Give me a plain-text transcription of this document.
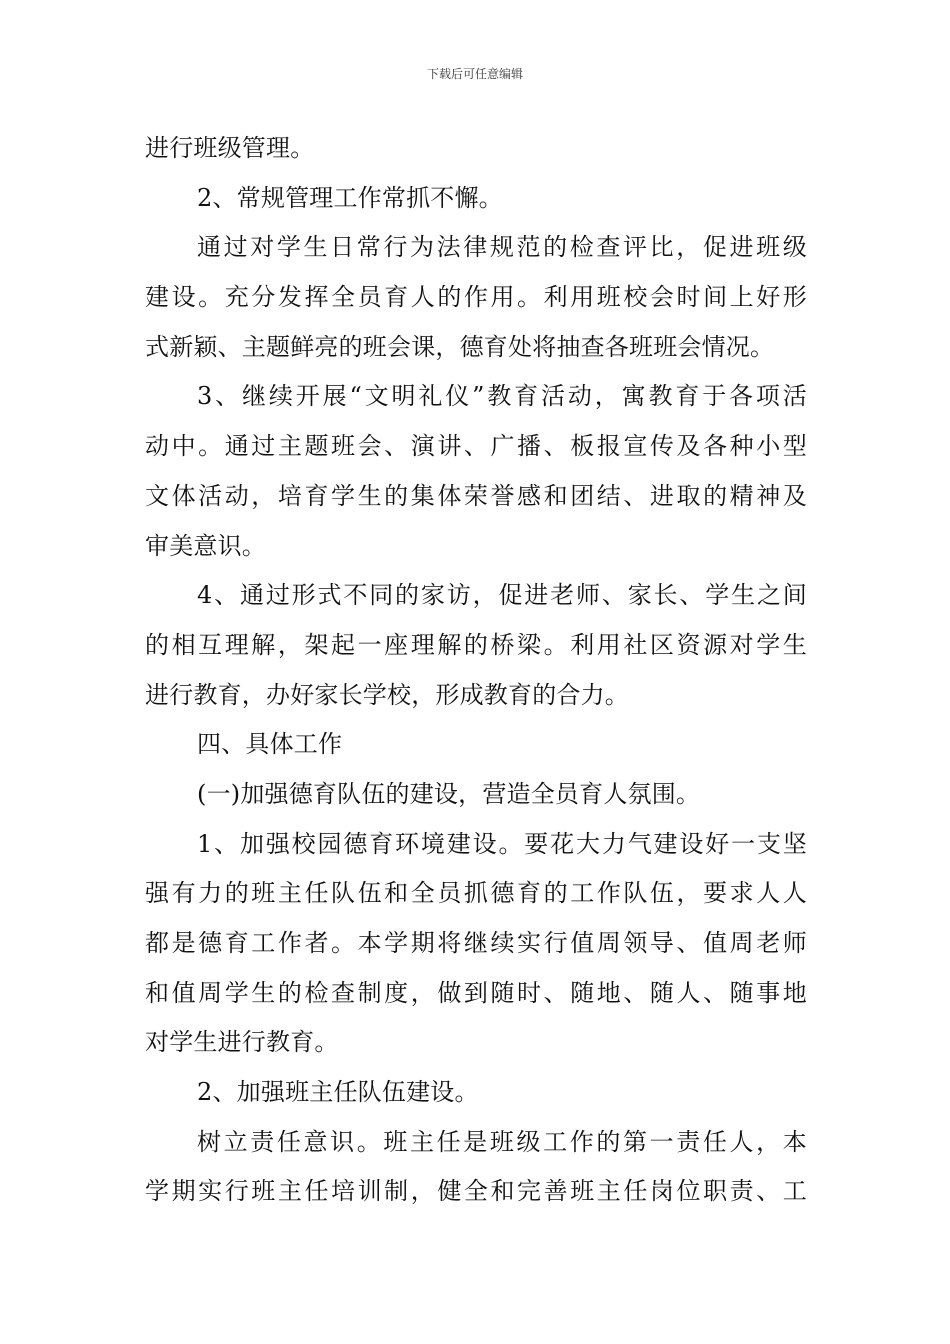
下载后可任意编辑
进行班级管理。
2、常规管理工作常抓不懈。
通过对学生日常行为法律规范的检查评比，促进班级
建设。充分发挥全员育人的作用。利用班校会时间上好形
式新颖、主题鲜亮的班会课，德育处将抽查各班班会情况。
3、继续开展“文明礼仪”教育活动，寓教育于各项活
动中。通过主题班会、演讲、广播、板报宣传及各种小型
文体活动，培育学生的集体荣誉感和团结、进取的精神及
审美意识。
4、通过形式不同的家访，促进老师、家长、学生之间
的相互理解，架起一座理解的桥梁。利用社区资源对学生
进行教育，办好家长学校，形成教育的合力。
四、具体工作
(一)加强德育队伍的建设，营造全员育人氛围。
1、加强校园德育环境建设。要花大力气建设好一支坚
强有力的班主任队伍和全员抓德育的工作队伍，要求人人
都是德育工作者。本学期将继续实行值周领导、值周老师
和值周学生的检查制度，做到随时、随地、随人、随事地
对学生进行教育。
2、加强班主任队伍建设。
树立责任意识。班主任是班级工作的第一责任人，本
学期实行班主任培训制，健全和完善班主任岗位职责、工
